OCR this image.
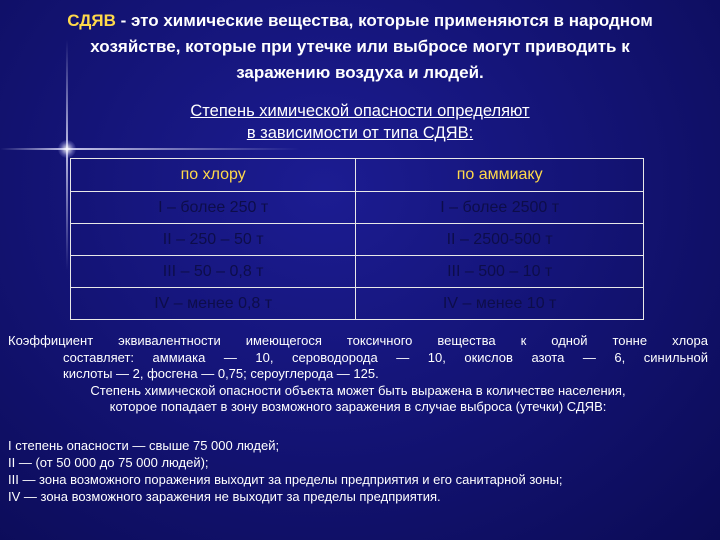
СДЯВ - это химические вещества, которые применяются в народном
хозяйстве, которые при утечке или выбросе могут приводить к
заражению воздуха и людей.
Степень химической опасности определяют
в зависимости от типа СДЯВ:
по хлору	по аммиаку
I – более 250 т	I – более 2500 т
II – 250 – 50 т	II – 2500-500 т
III – 50 – 0,8 т	III – 500 – 10 т
IV – менее 0,8 т	IV – менее 10 т

Коэффициент эквивалентности имеющегося токсичного вещества к одной тонне хлора

составляет: аммиака — 10, сероводорода — 10, окислов азота — 6, синильной

кислоты — 2, фосгена — 0,75; сероуглерода — 125.

Степень химической опасности объекта может быть выражена в количестве населения,

которое попадает в зону возможного заражения в случае выброса (утечки) СДЯВ:

I степень опасности — свыше 75 000 людей;
II — (от 50 000 до 75 000 людей);
III — зона возможного поражения выходит за пределы предприятия и его санитарной зоны;
IV — зона возможного заражения не выходит за пределы предприятия.
